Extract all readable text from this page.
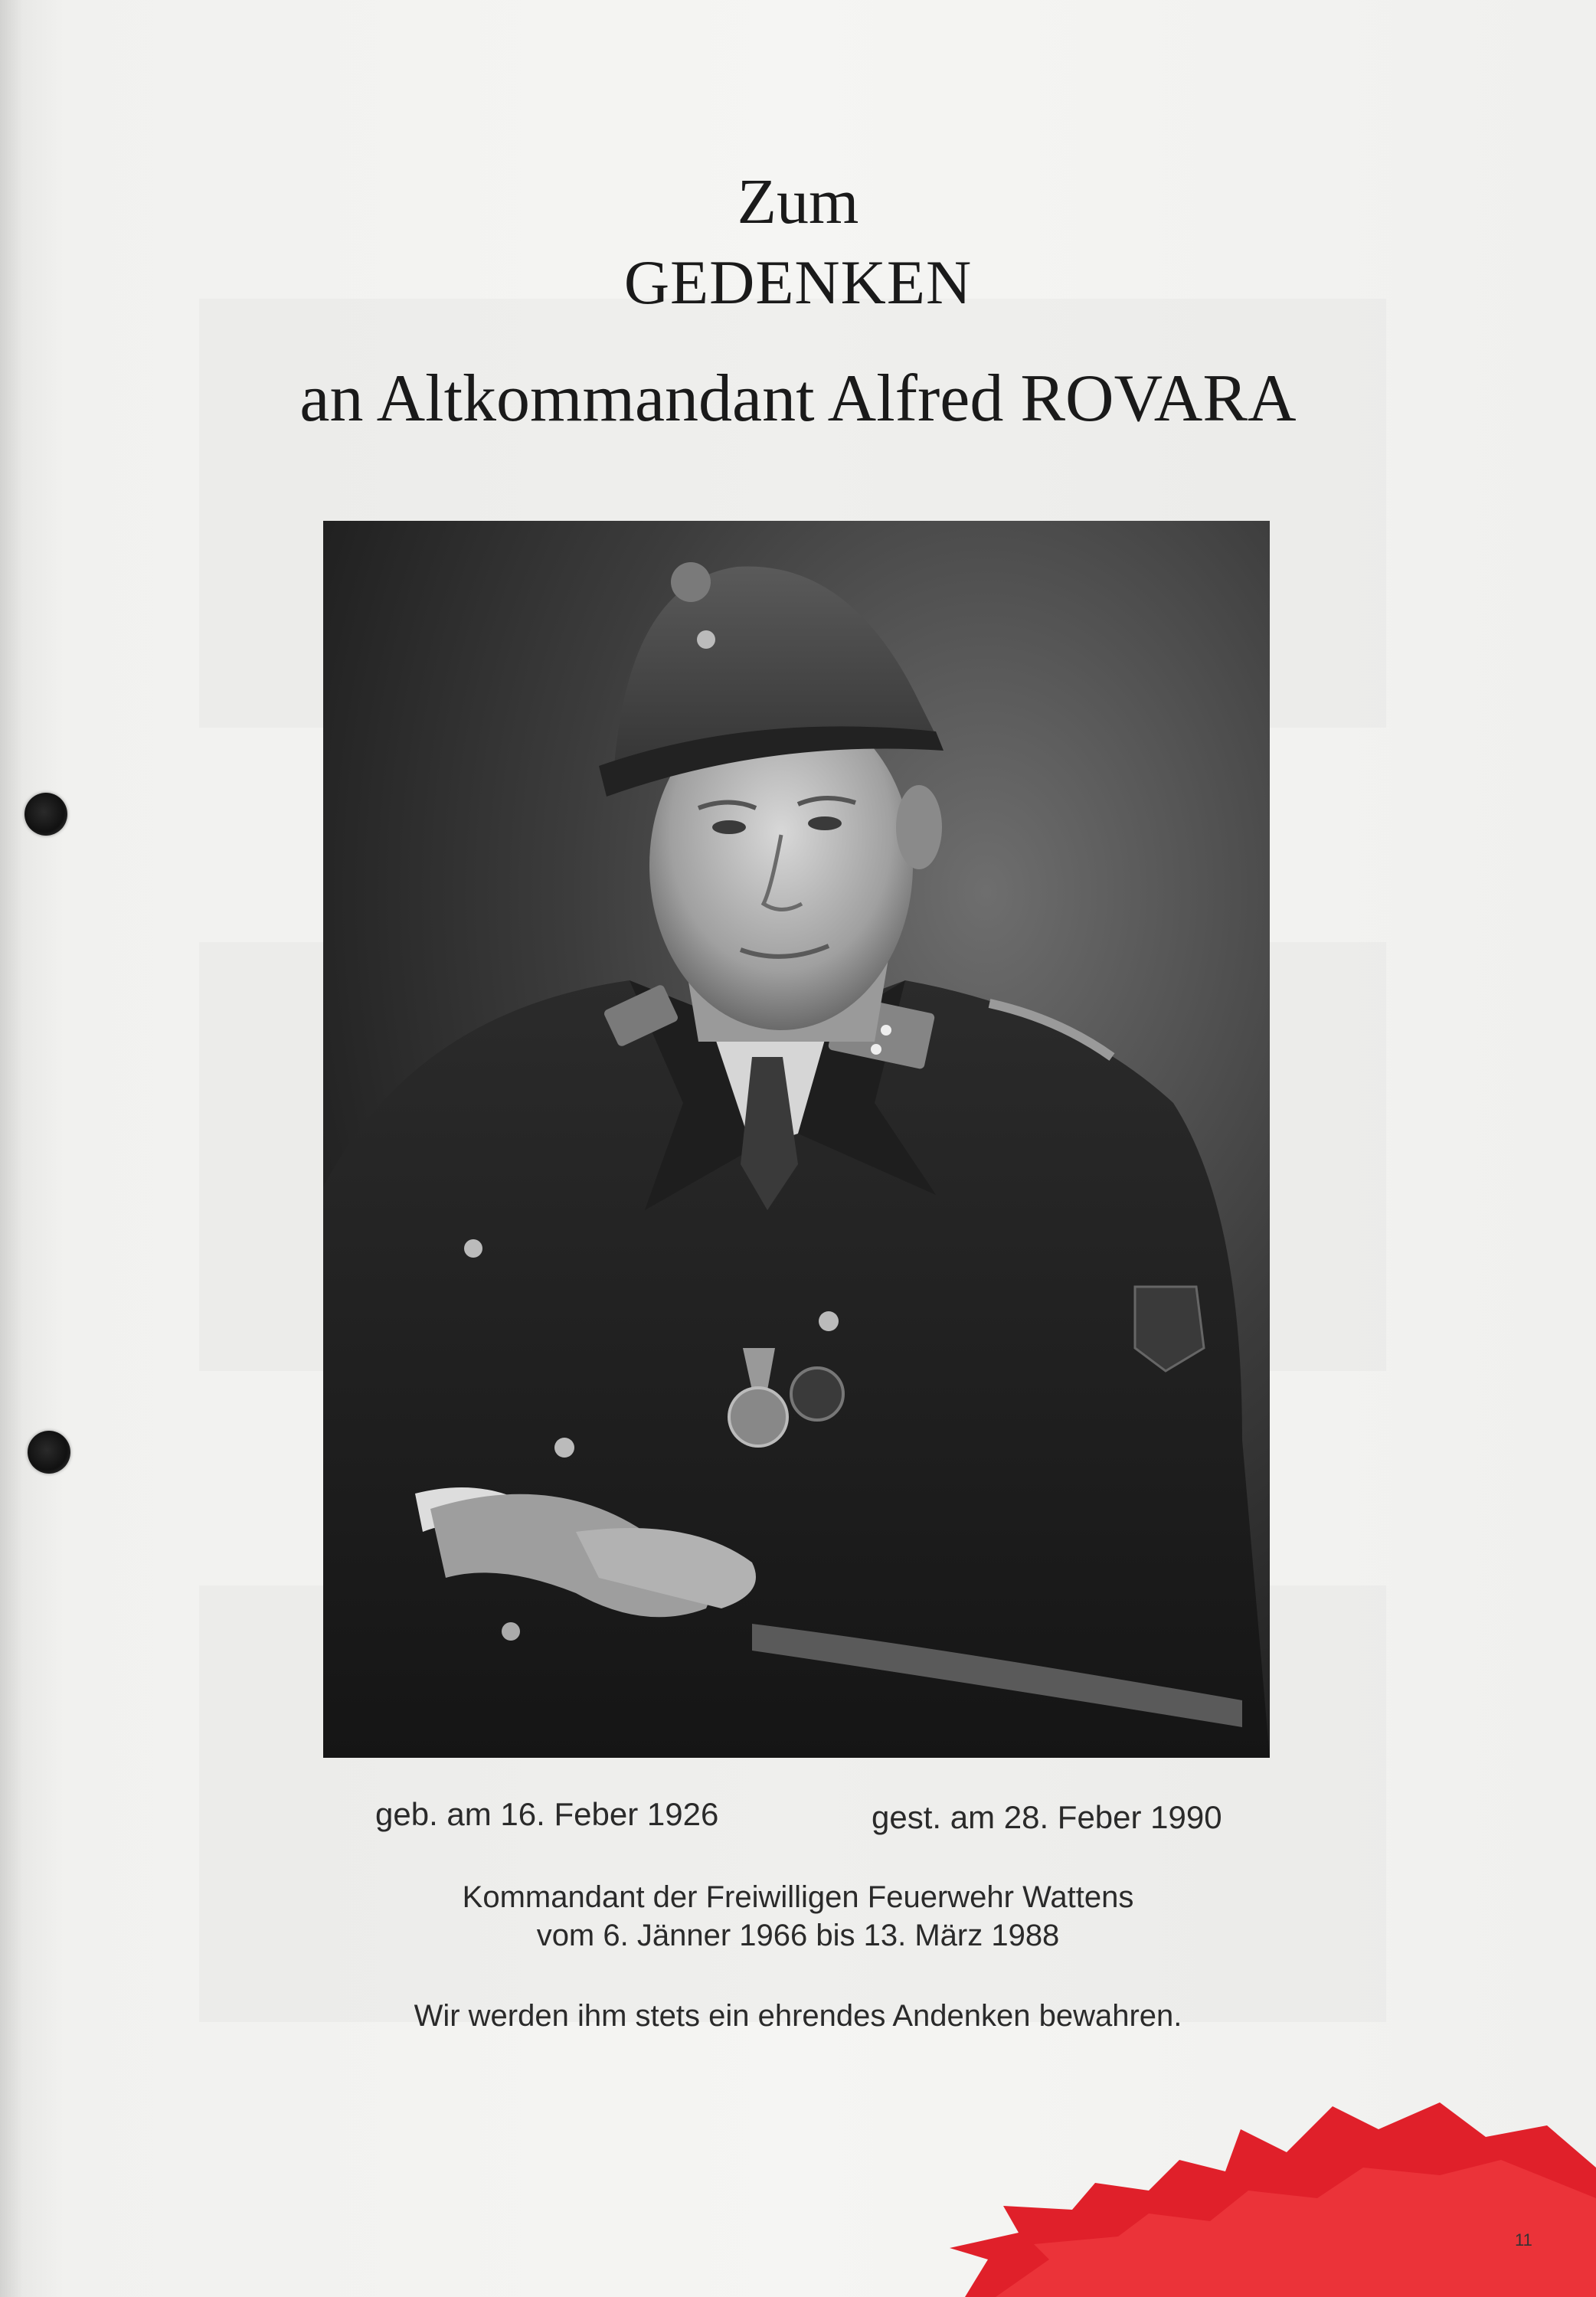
Zum
GEDENKEN
an Altkommandant Alfred ROVARA
geb. am 16. Feber 1926	gest. am 28. Feber 1990
Kommandant der Freiwilligen Feuerwehr Wattens
vom 6. Jänner 1966 bis 13. März 1988
Wir werden ihm stets ein ehrendes Andenken bewahren.
11
